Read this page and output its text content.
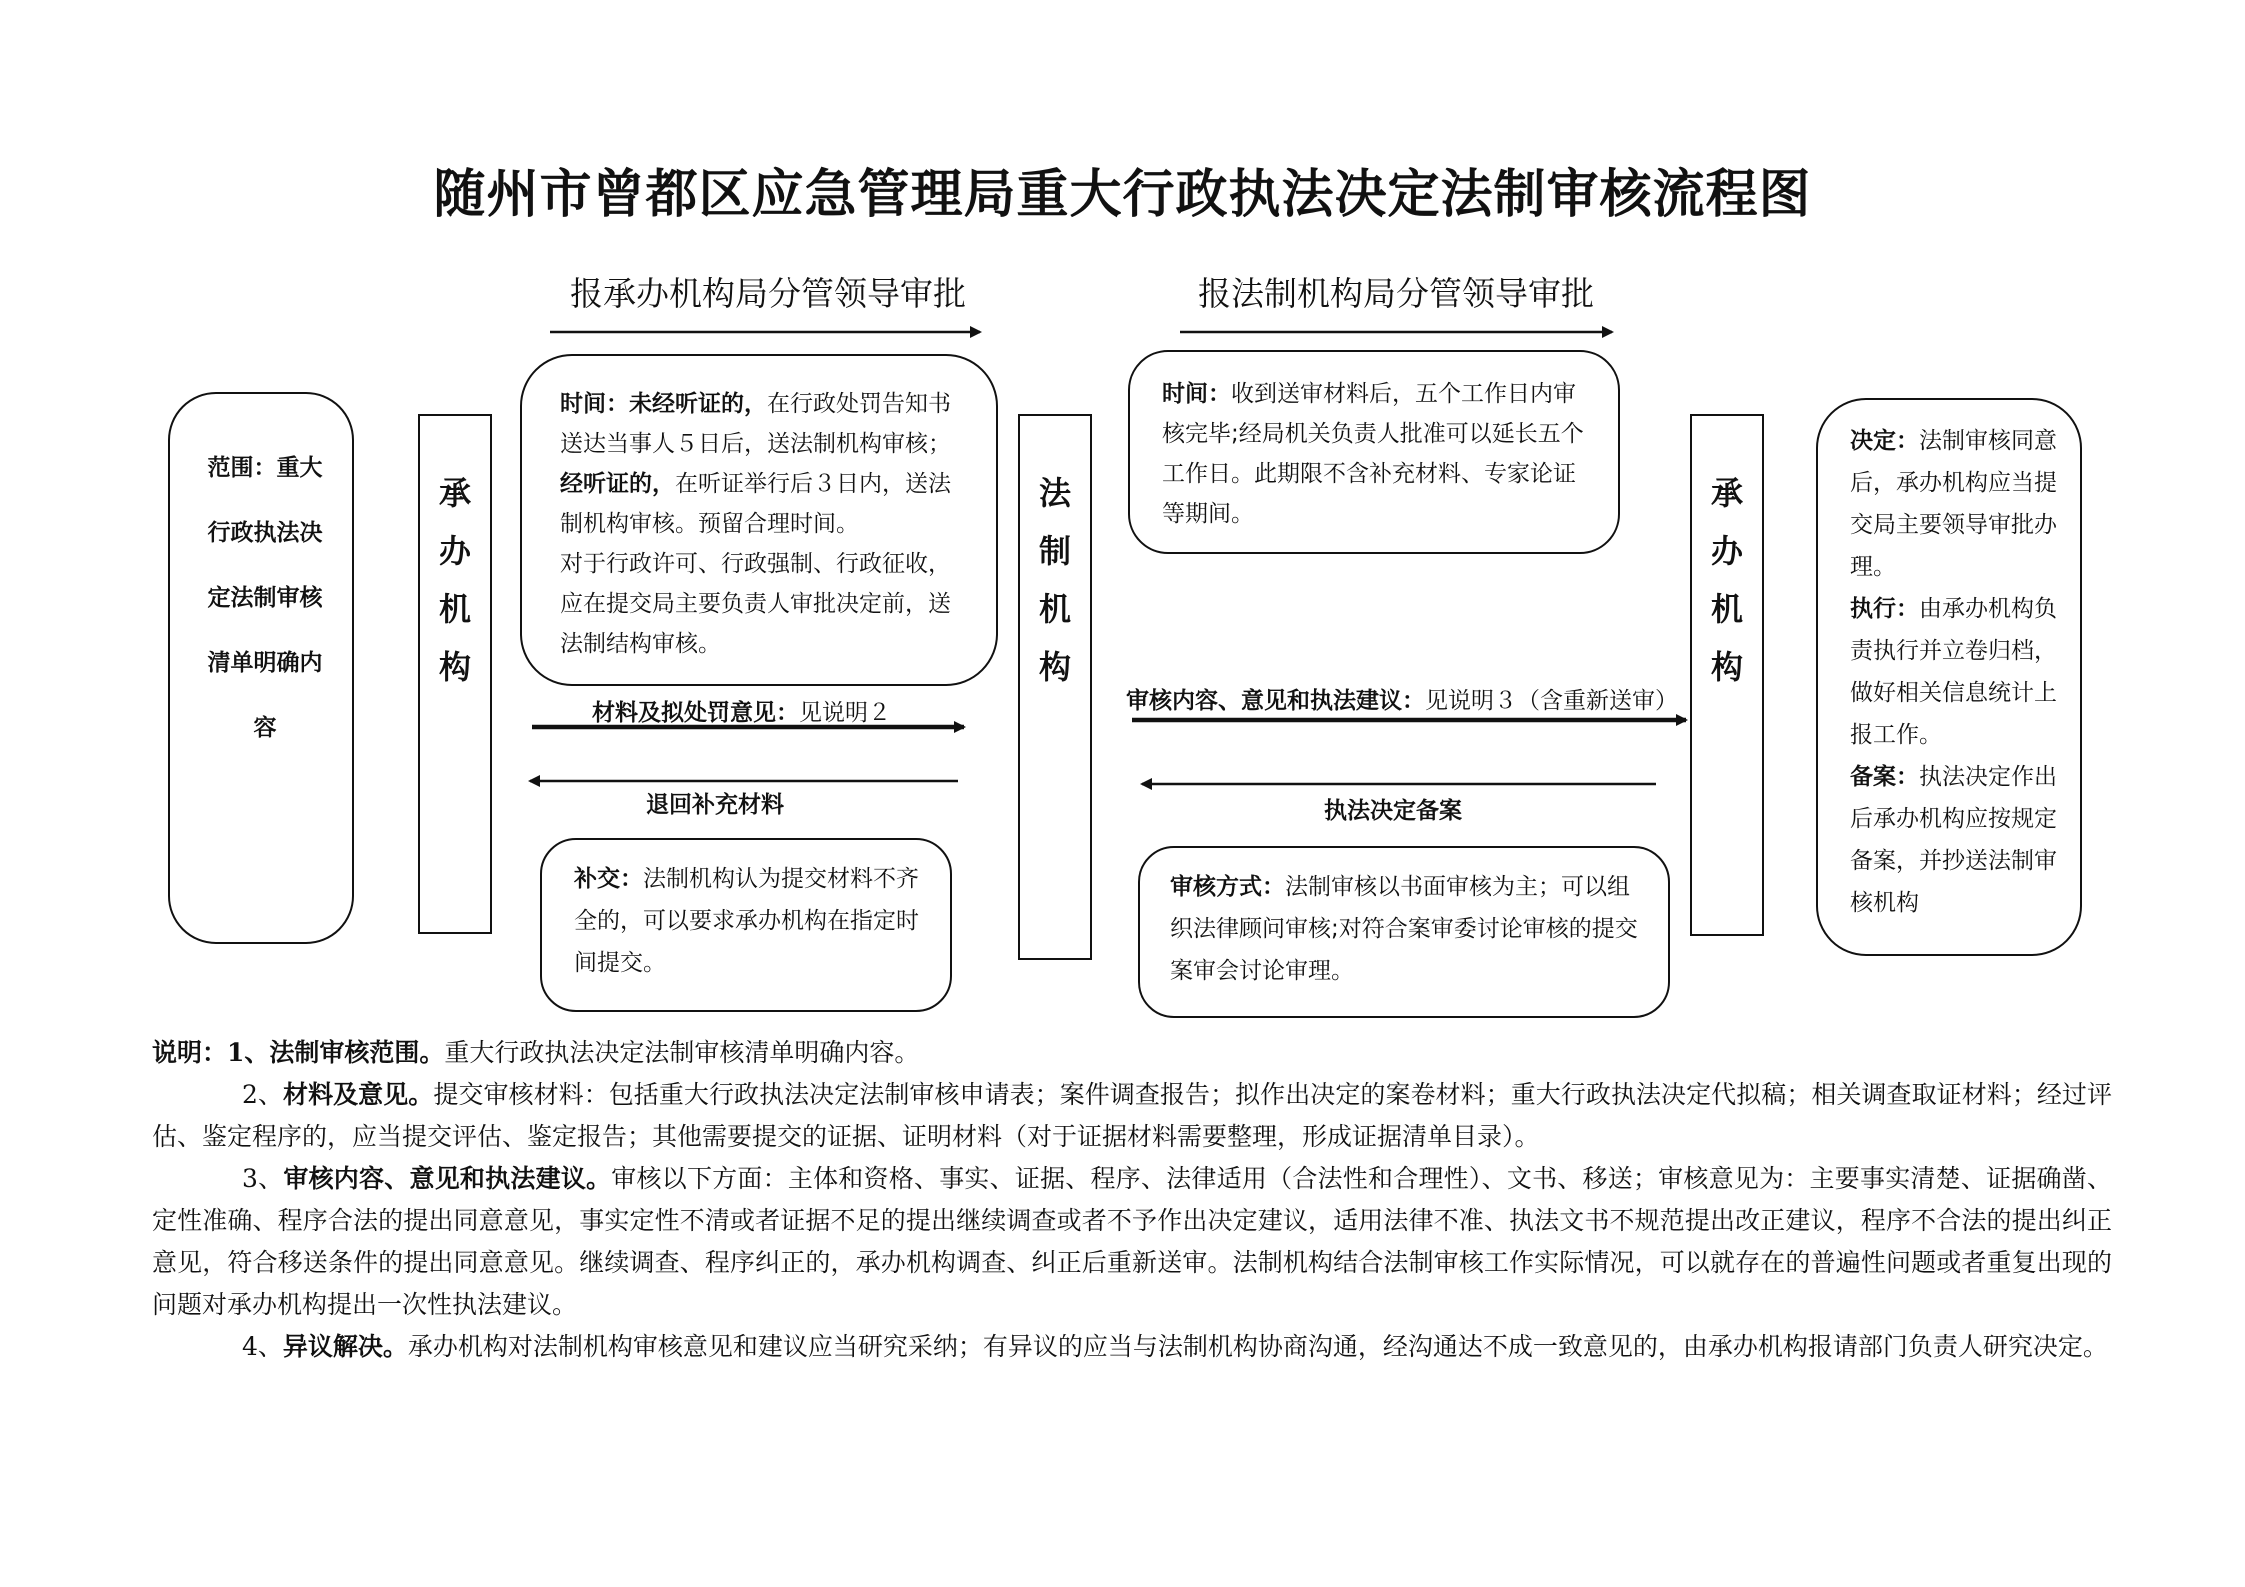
随州市曾都区应急管理局重大行政执法决定法制审核流程图
报承办机构局分管领导审批	报法制机构局分管领导审批
范围：重大
行政执法决
定法制审核
清单明确内
容
承办机构
时间：未经听证的，在行政处罚告知书送达当事人５日后，送法制机构审核；
经听证的，在听证举行后３日内，送法制机构审核。预留合理时间。
对于行政许可、行政强制、行政征收，应在提交局主要负责人审批决定前，送法制结构审核。
法制机构
时间：收到送审材料后，五个工作日内审核完毕;经局机关负责人批准可以延长五个工作日。此期限不含补充材料、专家论证等期间。
承办机构
决定：法制审核同意后，承办机构应当提交局主要领导审批办理。
执行：由承办机构负责执行并立卷归档，做好相关信息统计上报工作。
备案：执法决定作出后承办机构应按规定备案，并抄送法制审核机构
材料及拟处罚意见：见说明２
退回补充材料
审核内容、意见和执法建议：见说明３（含重新送审）
执法决定备案
补交：法制机构认为提交材料不齐全的，可以要求承办机构在指定时间提交。
审核方式：法制审核以书面审核为主；可以组织法律顾问审核;对符合案审委讨论审核的提交案审会讨论审理。

说明：1、法制审核范围。重大行政执法决定法制审核清单明确内容。

2、材料及意见。提交审核材料：包括重大行政执法决定法制审核申请表；案件调查报告；拟作出决定的案卷材料；重大行政执法决定代拟稿；相关调查取证材料；经过评估、鉴定程序的，应当提交评估、鉴定报告；其他需要提交的证据、证明材料（对于证据材料需要整理，形成证据清单目录）。

3、审核内容、意见和执法建议。审核以下方面：主体和资格、事实、证据、程序、法律适用（合法性和合理性）、文书、移送；审核意见为：主要事实清楚、证据确凿、定性准确、程序合法的提出同意意见，事实定性不清或者证据不足的提出继续调查或者不予作出决定建议，适用法律不准、执法文书不规范提出改正建议，程序不合法的提出纠正意见，符合移送条件的提出同意意见。继续调查、程序纠正的，承办机构调查、纠正后重新送审。法制机构结合法制审核工作实际情况，可以就存在的普遍性问题或者重复出现的问题对承办机构提出一次性执法建议。

4、异议解决。承办机构对法制机构审核意见和建议应当研究采纳；有异议的应当与法制机构协商沟通，经沟通达不成一致意见的，由承办机构报请部门负责人研究决定。
